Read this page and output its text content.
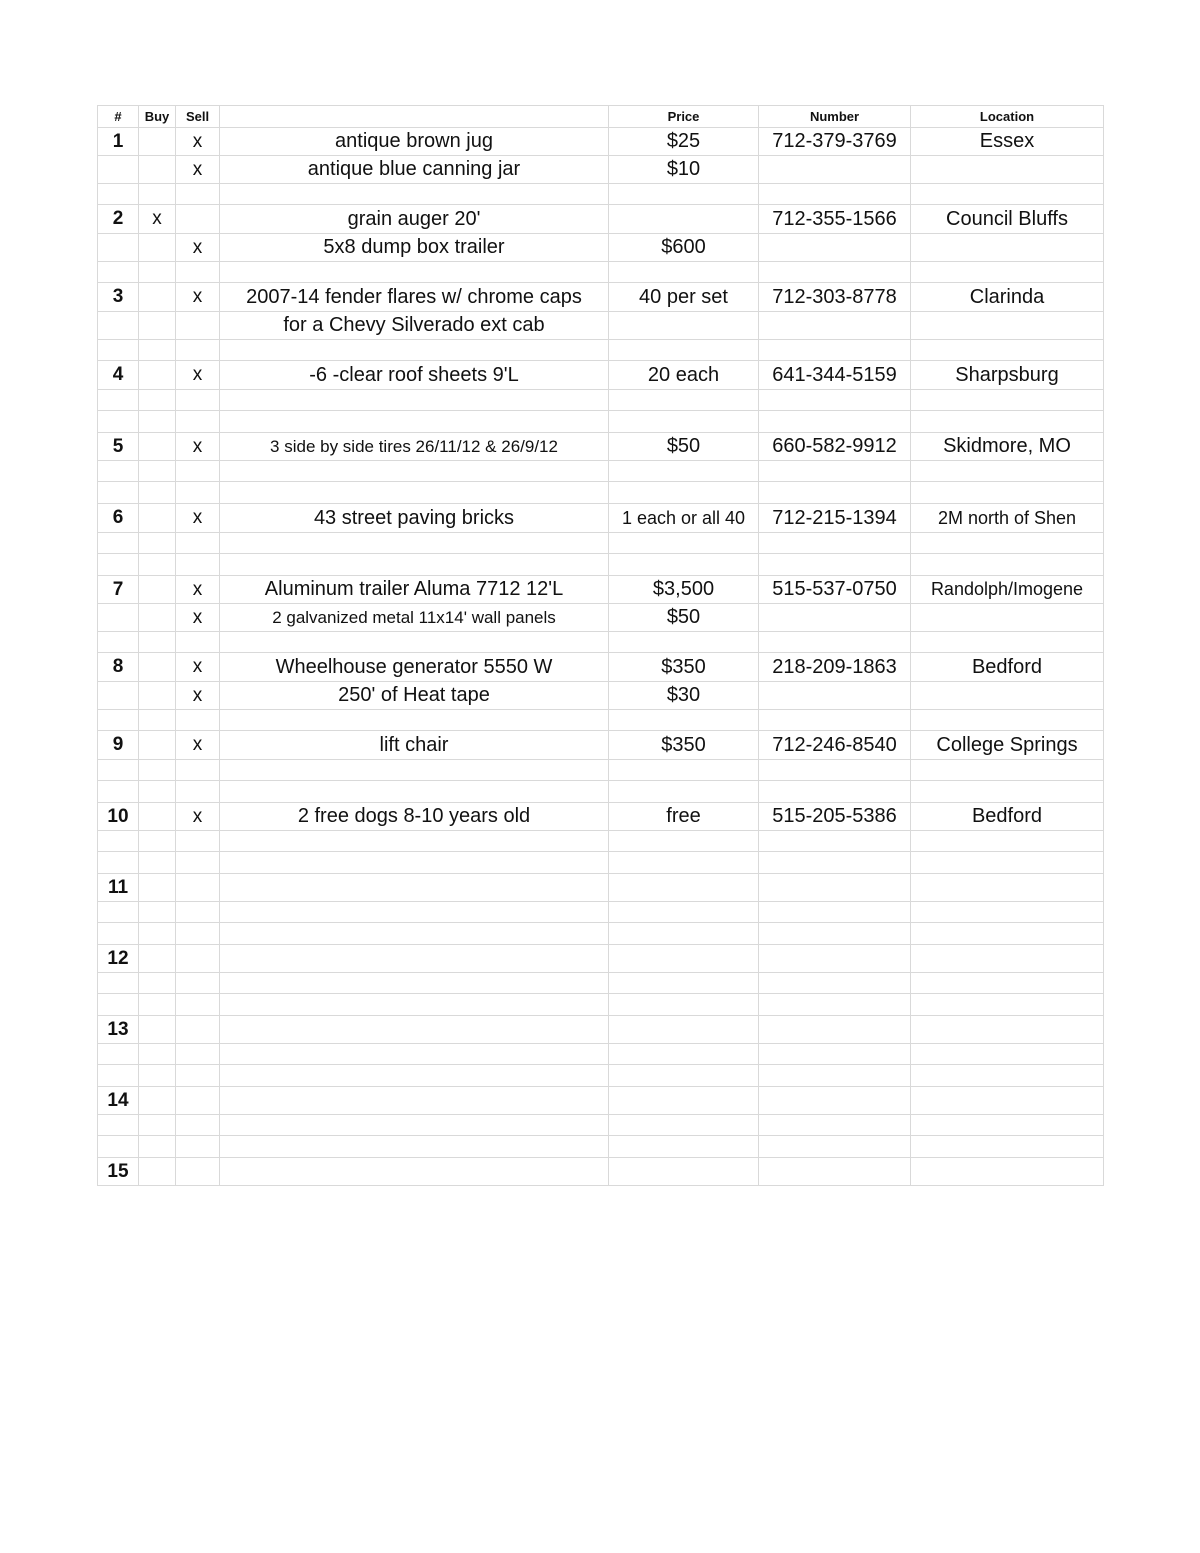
#	Buy	Sell		Price	Number	Location
1		x	antique brown jug	$25	712-379-3769	Essex
		x	antique blue canning jar	$10		

2	x		grain auger 20'		712-355-1566	Council Bluffs
		x	5x8 dump box trailer	$600		

3		x	2007-14 fender flares w/ chrome caps	40 per set	712-303-8778	Clarinda
			for a Chevy Silverado ext cab			

4		x	-6 -clear roof sheets 9'L	20 each	641-344-5159	Sharpsburg

5		x	3 side by side tires 26/11/12 & 26/9/12	$50	660-582-9912	Skidmore, MO

6		x	43 street paving bricks	1 each or all 40	712-215-1394	2M north of Shen

7		x	Aluminum trailer Aluma 7712 12'L	$3,500	515-537-0750	Randolph/Imogene
		x	2 galvanized metal 11x14' wall panels	$50		

8		x	Wheelhouse generator 5550 W	$350	218-209-1863	Bedford
		x	250' of Heat tape	$30		

9		x	lift chair	$350	712-246-8540	College Springs

10		x	2 free dogs 8-10 years old	free	515-205-5386	Bedford

11						

12						

13						

14						

15						
